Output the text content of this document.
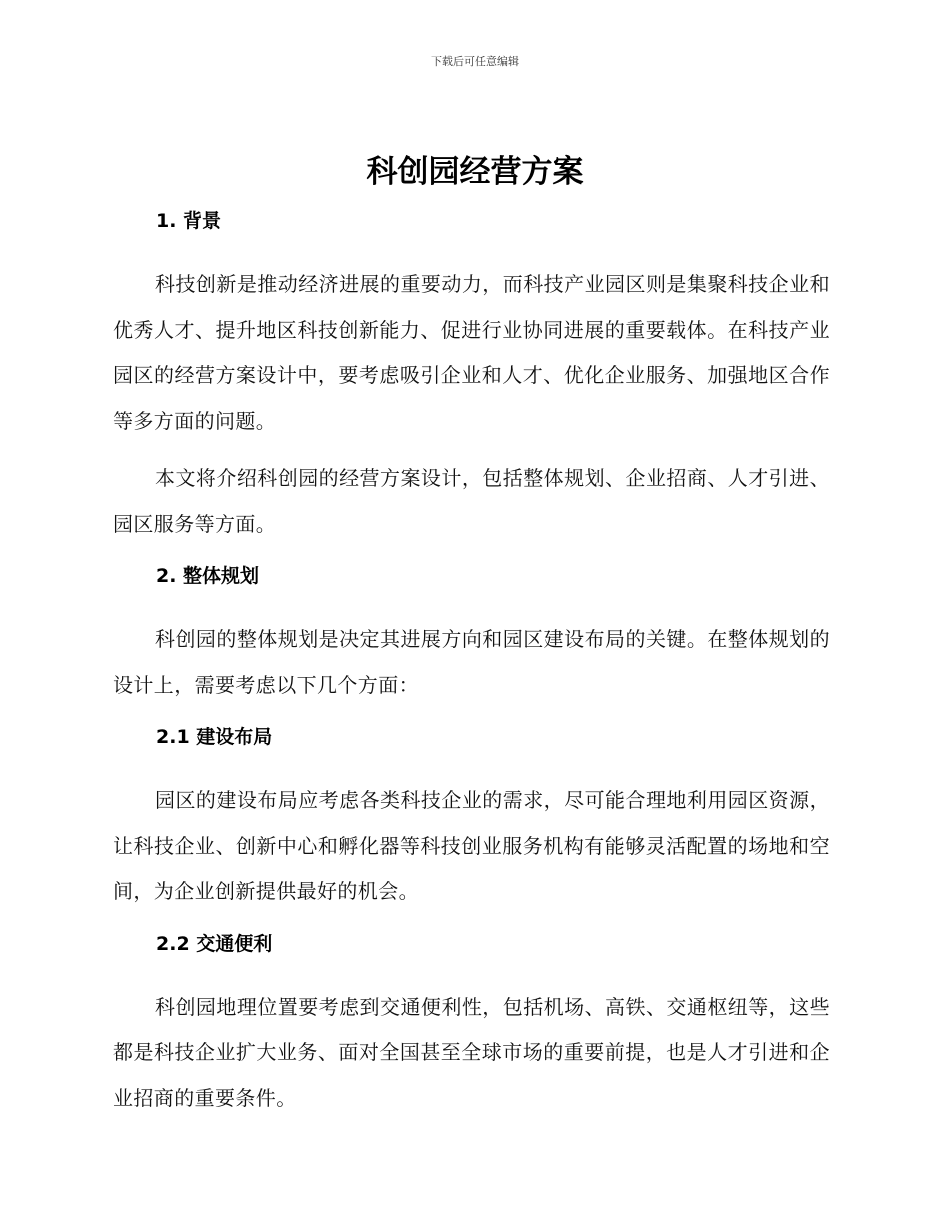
下载后可任意编辑
科创园经营方案
1. 背景

科技创新是推动经济进展的重要动力，而科技产业园区则是集聚科技企业和优秀人才、提升地区科技创新能力、促进行业协同进展的重要载体。在科技产业园区的经营方案设计中，要考虑吸引企业和人才、优化企业服务、加强地区合作等多方面的问题。

本文将介绍科创园的经营方案设计，包括整体规划、企业招商、人才引进、园区服务等方面。

2. 整体规划

科创园的整体规划是决定其进展方向和园区建设布局的关键。在整体规划的设计上，需要考虑以下几个方面：

2.1 建设布局

园区的建设布局应考虑各类科技企业的需求，尽可能合理地利用园区资源，让科技企业、创新中心和孵化器等科技创业服务机构有能够灵活配置的场地和空间，为企业创新提供最好的机会。

2.2 交通便利

科创园地理位置要考虑到交通便利性，包括机场、高铁、交通枢纽等，这些都是科技企业扩大业务、面对全国甚至全球市场的重要前提，也是人才引进和企业招商的重要条件。
